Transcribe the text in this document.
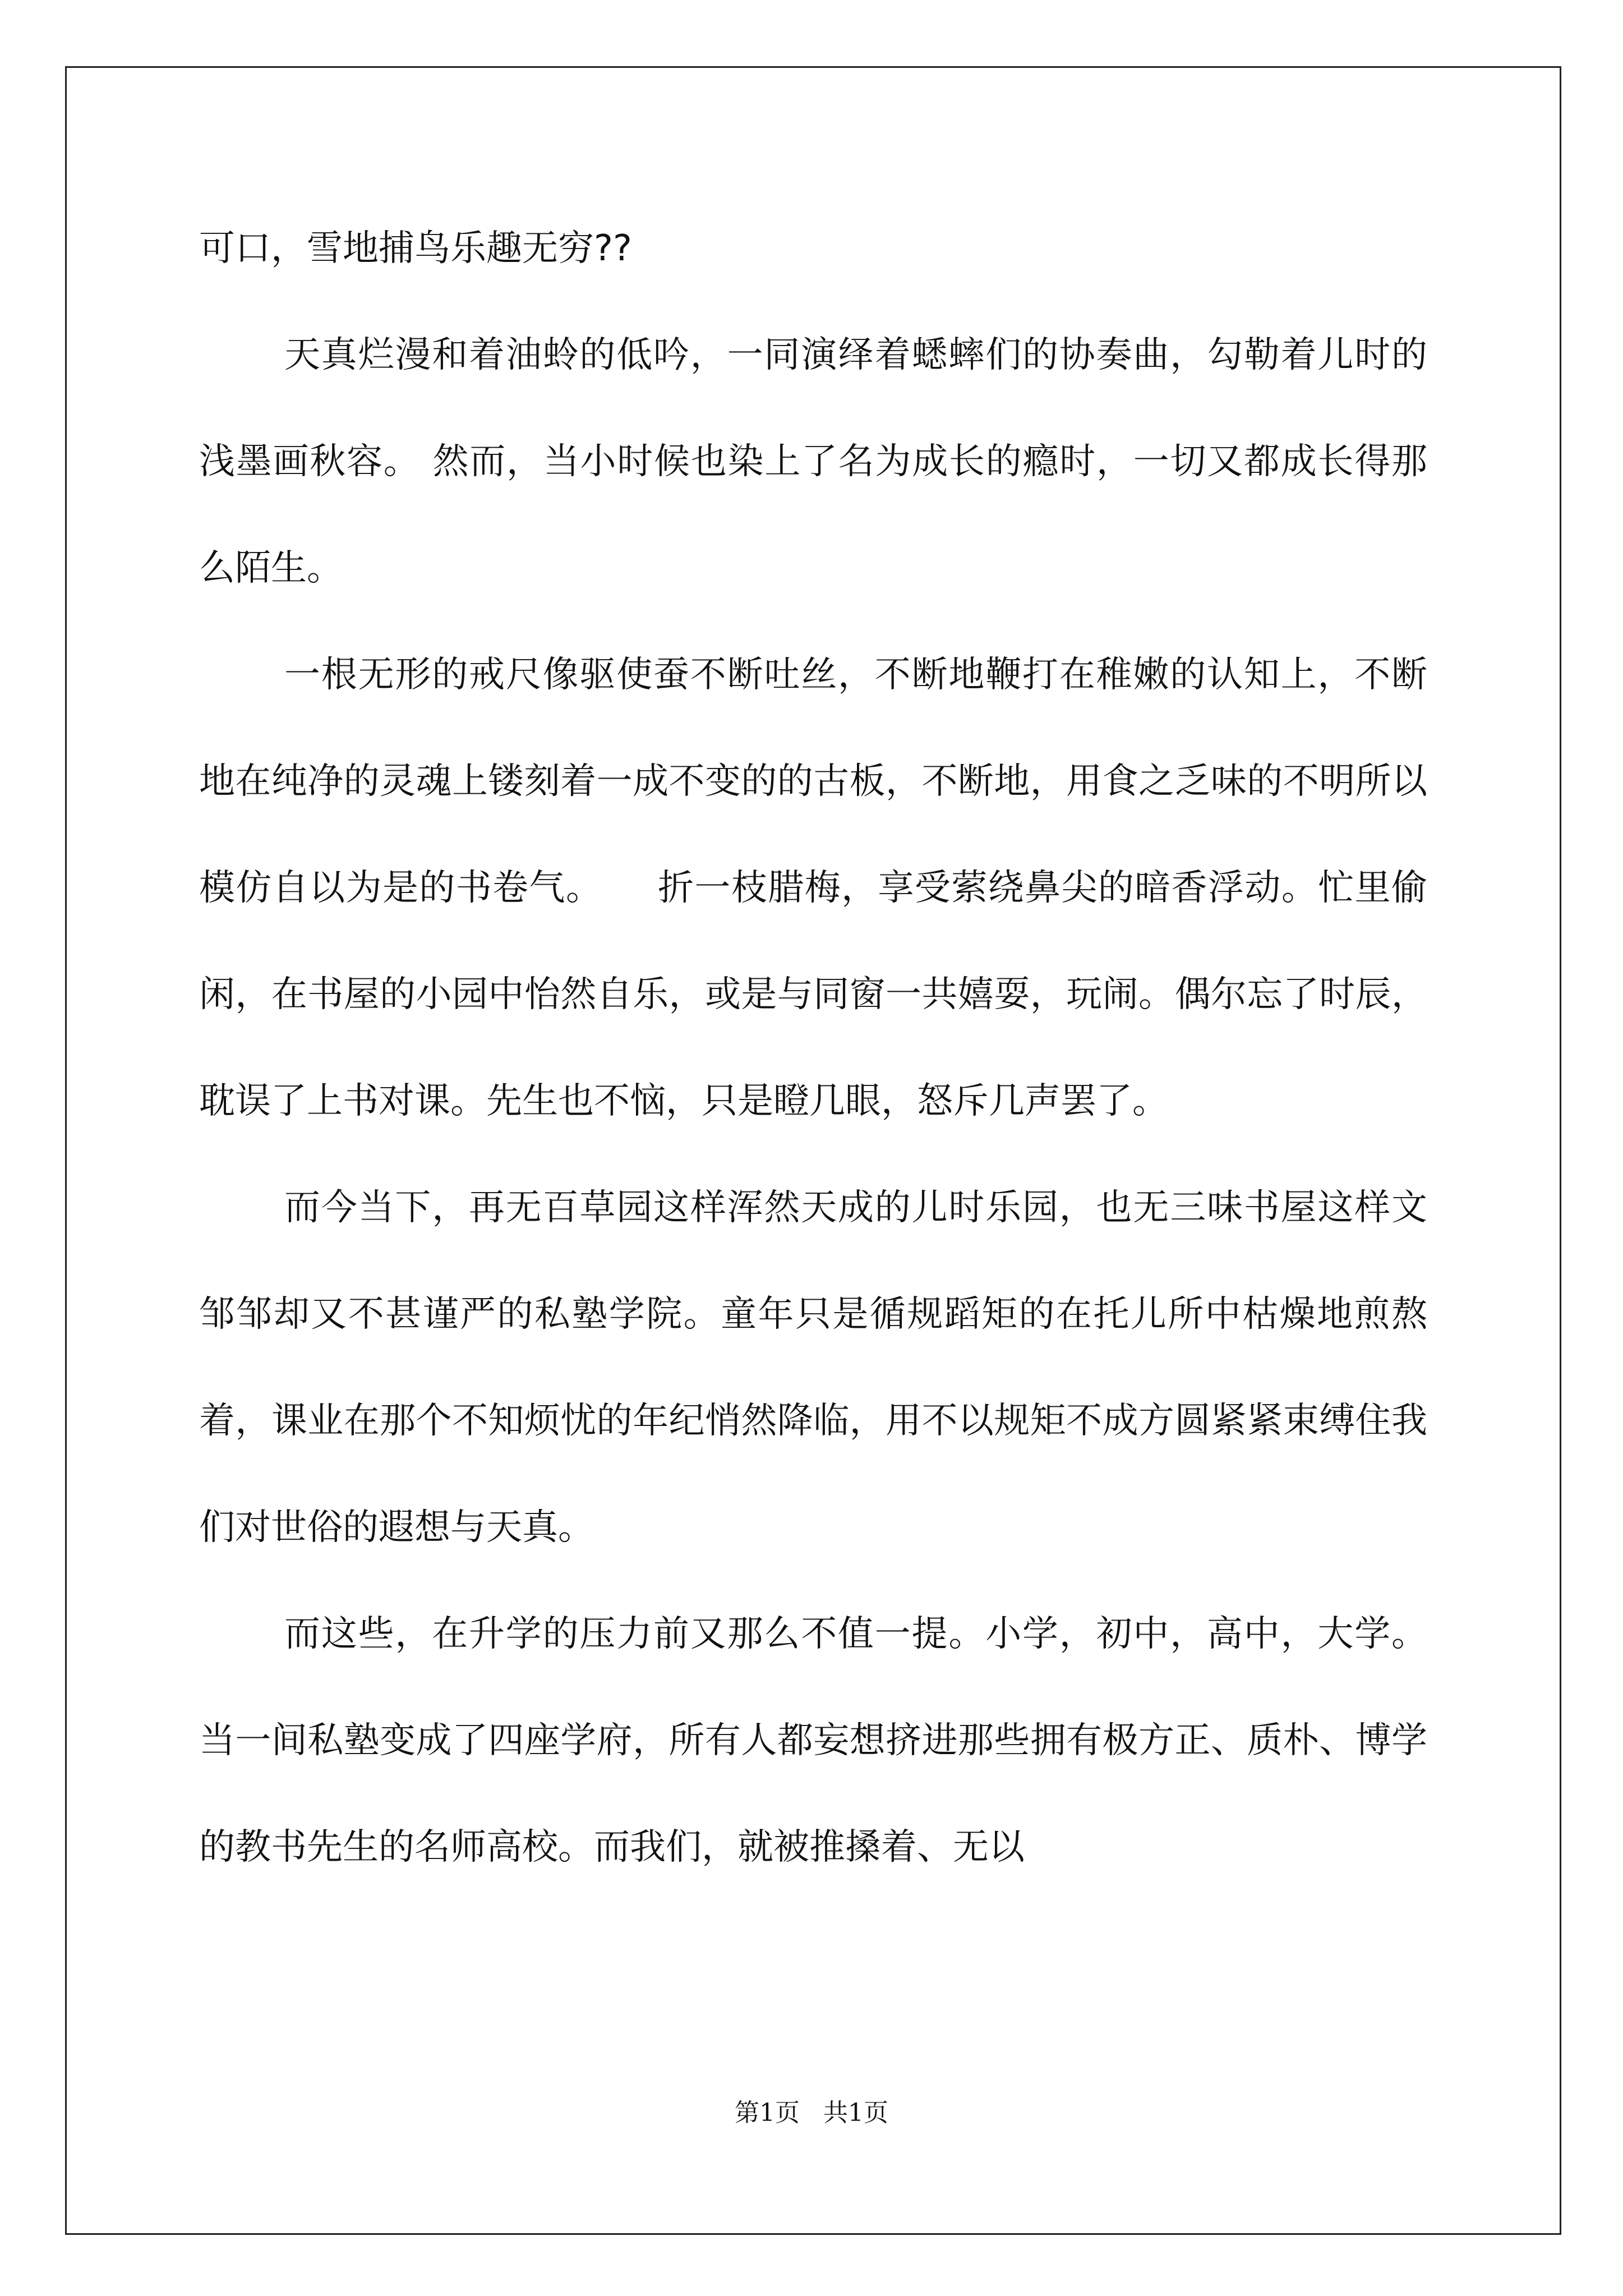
可口，雪地捕鸟乐趣无穷??

天真烂漫和着油蛉的低吟，一同演绎着蟋蟀们的协奏曲，勾勒着儿时的浅墨画秋容。 然而，当小时候也染上了名为成长的瘾时，一切又都成长得那么陌生。

一根无形的戒尺像驱使蚕不断吐丝，不断地鞭打在稚嫩的认知上，不断地在纯净的灵魂上镂刻着一成不变的的古板，不断地，用食之乏味的不明所以模仿自以为是的书卷气。　　折一枝腊梅，享受萦绕鼻尖的暗香浮动。忙里偷闲，在书屋的小园中怡然自乐，或是与同窗一共嬉耍，玩闹。偶尔忘了时辰，耽误了上书对课。先生也不恼，只是瞪几眼，怒斥几声罢了。

而今当下，再无百草园这样浑然天成的儿时乐园，也无三味书屋这样文邹邹却又不甚谨严的私塾学院。童年只是循规蹈矩的在托儿所中枯燥地煎熬着，课业在那个不知烦忧的年纪悄然降临，用不以规矩不成方圆紧紧束缚住我们对世俗的遐想与天真。

而这些，在升学的压力前又那么不值一提。小学，初中，高中，大学。当一间私塾变成了四座学府，所有人都妄想挤进那些拥有极方正、质朴、博学的教书先生的名师高校。而我们，就被推搡着、无以

第1页 共1页
